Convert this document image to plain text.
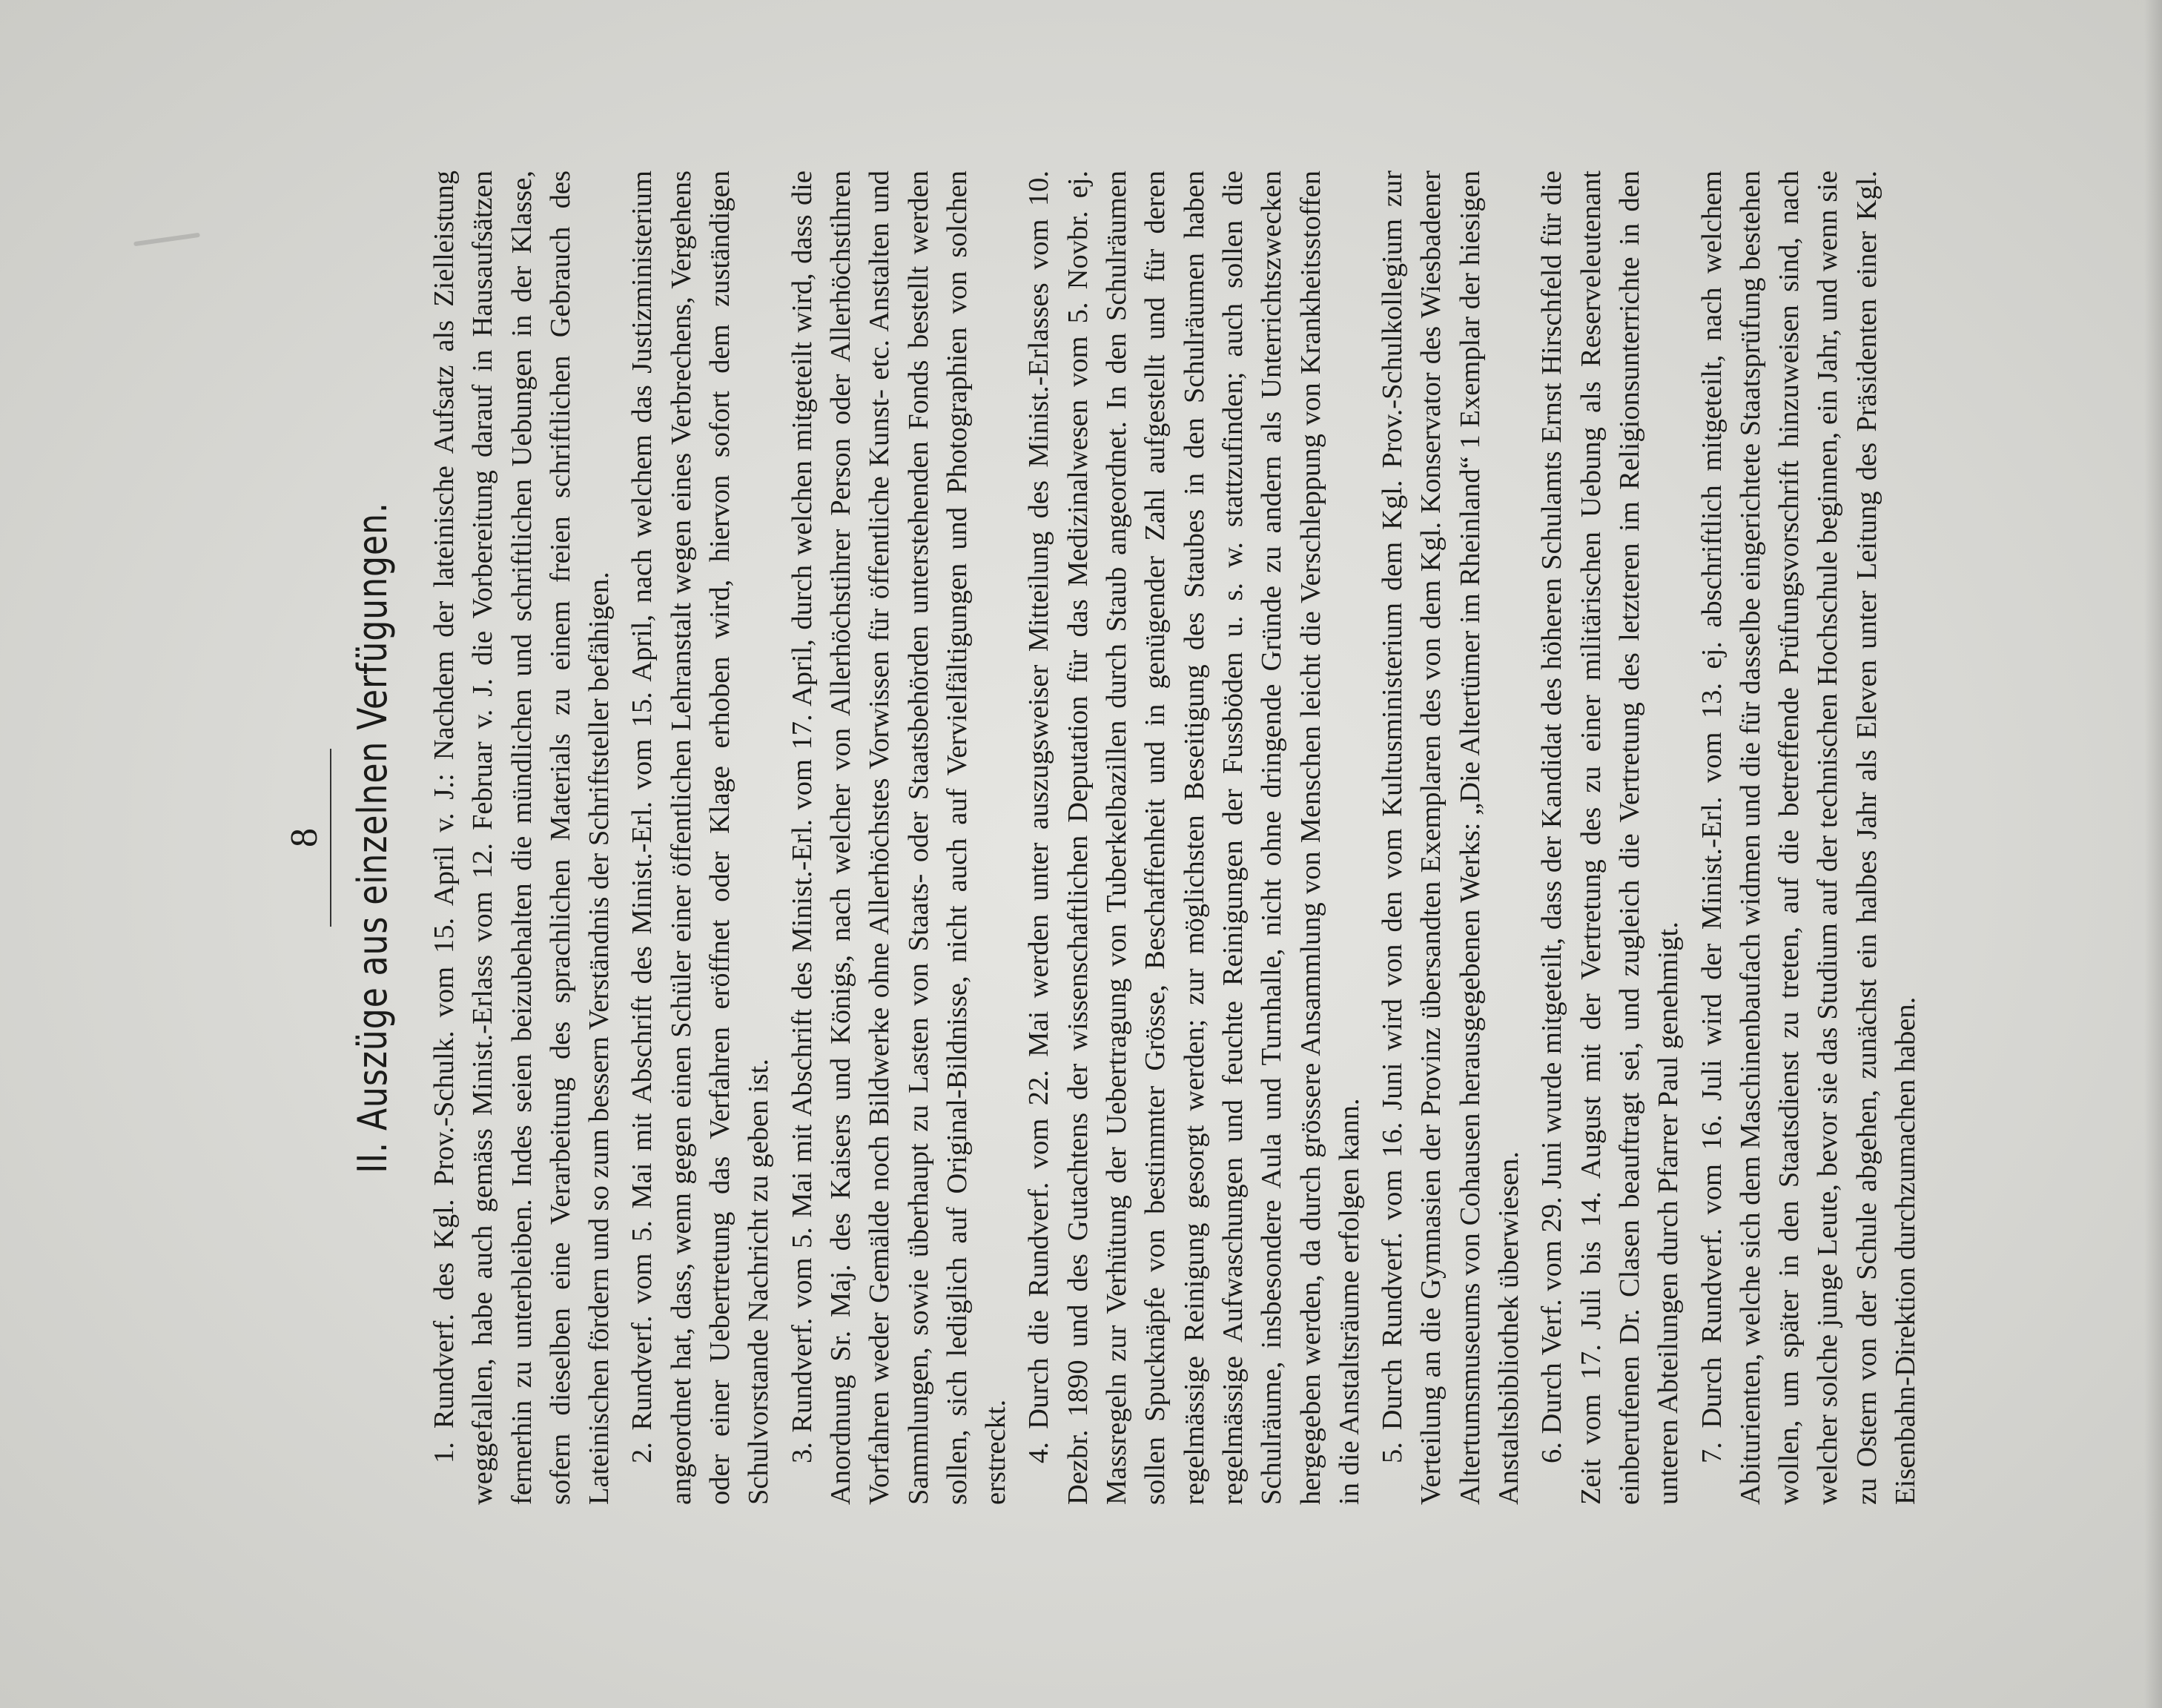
8 II. Auszüge aus einzelnen Verfügungen. 1. Rundverf. des Kgl. Prov.-Schulk. vom 15. April v. J.: Nachdem der lateinische Aufsatz als Zielleistung weggefallen, habe auch gemäss Minist.-Erlass vom 12. Februar v. J. die Vorbereitung darauf in Hausaufsätzen fernerhin zu unterbleiben. Indes seien beizubehalten die mündlichen und schriftlichen Uebungen in der Klasse, sofern dieselben eine Verarbeitung des sprachlichen Materials zu einem freien schriftlichen Gebrauch des Lateinischen fördern und so zum bessern Verständnis der Schriftsteller befähigen. 2. Rundverf. vom 5. Mai mit Abschrift des Minist.-Erl. vom 15. April, nach welchem das Justizministerium angeordnet hat, dass, wenn gegen einen Schüler einer öffentlichen Lehranstalt wegen eines Verbrechens, Vergehens oder einer Uebertretung das Verfahren eröffnet oder Klage erhoben wird, hiervon sofort dem zuständigen Schulvorstande Nachricht zu geben ist. 3. Rundverf. vom 5. Mai mit Abschrift des Minist.-Erl. vom 17. April, durch welchen mitgeteilt wird, dass die Anordnung Sr. Maj. des Kaisers und Königs, nach welcher von Allerhöchstihrer Person oder Allerhöchstihren Vorfahren weder Gemälde noch Bildwerke ohne Allerhöchstes Vorwissen für öffentliche Kunst- etc. Anstalten und Sammlungen, sowie überhaupt zu Lasten von Staats- oder Staatsbehörden unterstehenden Fonds bestellt werden sollen, sich lediglich auf Original-Bildnisse, nicht auch auf Vervielfältigungen und Photographien von solchen erstreckt. 4. Durch die Rundverf. vom 22. Mai werden unter auszugsweiser Mitteilung des Minist.-Erlasses vom 10. Dezbr. 1890 und des Gutachtens der wissenschaftlichen Deputation für das Medizinalwesen vom 5. Novbr. ej. Massregeln zur Verhütung der Uebertragung von Tuberkelbazillen durch Staub angeordnet. In den Schulräumen sollen Spucknäpfe von bestimmter Grösse, Beschaffenheit und in genügender Zahl aufgestellt und für deren regelmässige Reinigung gesorgt werden; zur möglichsten Beseitigung des Staubes in den Schulräumen haben regelmässige Aufwaschungen und feuchte Reinigungen der Fussböden u. s. w. stattzufinden; auch sollen die Schulräume, insbesondere Aula und Turnhalle, nicht ohne dringende Gründe zu andern als Unterrichtszwecken hergegeben werden, da durch grössere Ansammlung von Menschen leicht die Verschleppung von Krankheitsstoffen in die Anstaltsräume erfolgen kann. 5. Durch Rundverf. vom 16. Juni wird von den vom Kultusministerium dem Kgl. Prov.-Schulkollegium zur Verteilung an die Gymnasien der Provinz übersandten Exemplaren des von dem Kgl. Konservator des Wiesbadener Altertumsmuseums von Cohausen herausgegebenen Werks: „Die Altertümer im Rheinland“ 1 Exemplar der hiesigen Anstaltsbibliothek überwiesen. 6. Durch Verf. vom 29. Juni wurde mitgeteilt, dass der Kandidat des höheren Schulamts Ernst Hirschfeld für die Zeit vom 17. Juli bis 14. August mit der Vertretung des zu einer militärischen Uebung als Reserveleutenant einberufenen Dr. Clasen beauftragt sei, und zugleich die Vertretung des letzteren im Religionsunterrichte in den unteren Abteilungen durch Pfarrer Paul genehmigt. 7. Durch Rundverf. vom 16. Juli wird der Minist.-Erl. vom 13. ej. abschriftlich mitgeteilt, nach welchem Abiturienten, welche sich dem Maschinenbaufach widmen und die für dasselbe eingerichtete Staatsprüfung bestehen wollen, um später in den Staatsdienst zu treten, auf die betreffende Prüfungsvorschrift hinzuweisen sind, nach welcher solche junge Leute, bevor sie das Studium auf der technischen Hochschule beginnen, ein Jahr, und wenn sie zu Ostern von der Schule abgehen, zunächst ein halbes Jahr als Eleven unter Leitung des Präsidenten einer Kgl. Eisenbahn-Direktion durchzumachen haben.
